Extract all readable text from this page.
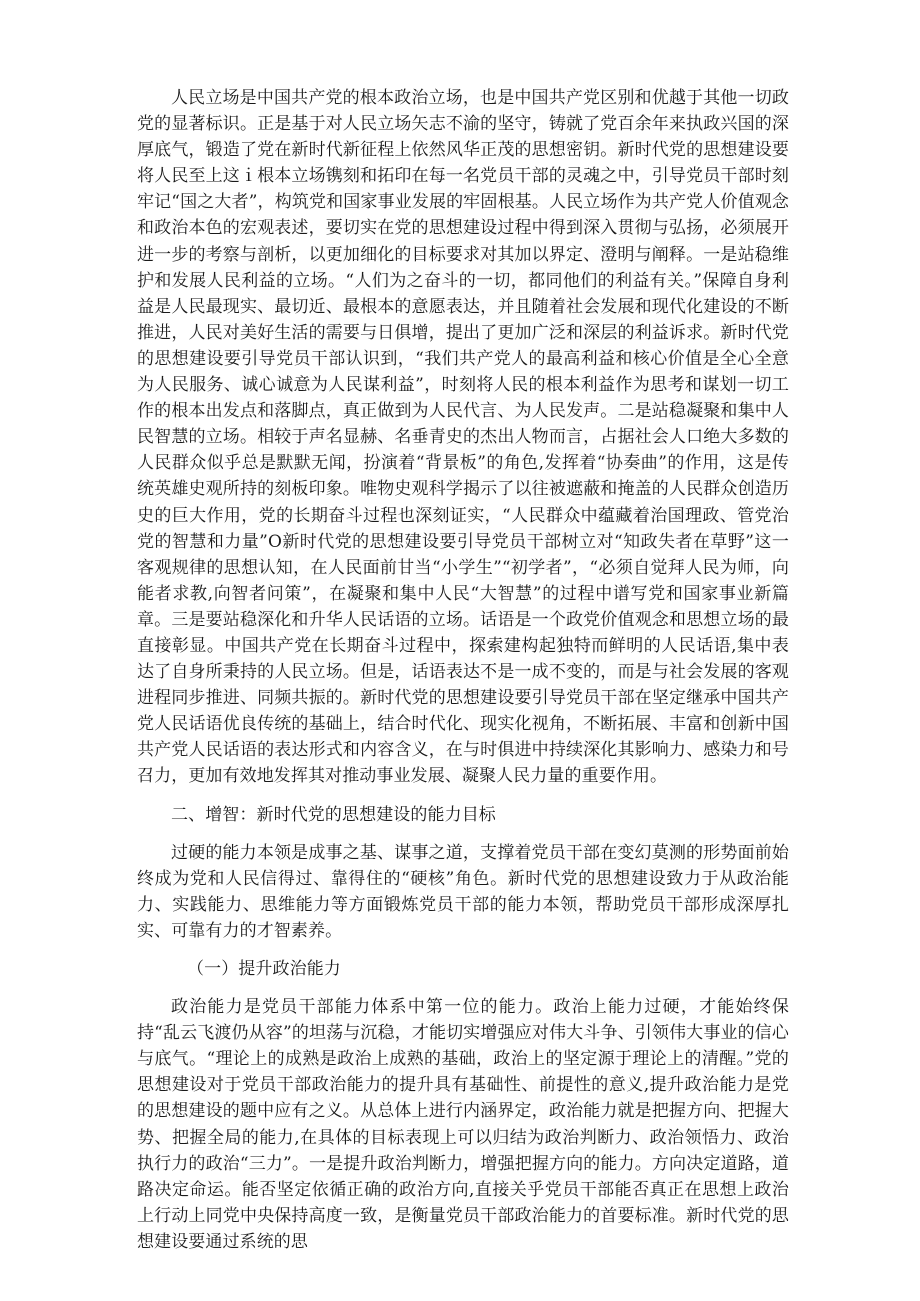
人民立场是中国共产党的根本政治立场，也是中国共产党区别和优越于其他一切政党的显著标识。正是基于对人民立场矢志不渝的坚守，铸就了党百余年来执政兴国的深厚底气，锻造了党在新时代新征程上依然风华正茂的思想密钥。新时代党的思想建设要将人民至上这ｉ根本立场镌刻和拓印在每一名党员干部的灵魂之中，引导党员干部时刻牢记“国之大者”，构筑党和国家事业发展的牢固根基。人民立场作为共产党人价值观念和政治本色的宏观表述，要切实在党的思想建设过程中得到深入贯彻与弘扬，必须展开进一步的考察与剖析，以更加细化的目标要求对其加以界定、澄明与阐释。一是站稳维护和发展人民利益的立场。“人们为之奋斗的一切，都同他们的利益有关。”保障自身利益是人民最现实、最切近、最根本的意愿表达，并且随着社会发展和现代化建设的不断推进，人民对美好生活的需要与日俱增，提出了更加广泛和深层的利益诉求。新时代党的思想建设要引导党员干部认识到，“我们共产党人的最高利益和核心价值是全心全意为人民服务、诚心诚意为人民谋利益”，时刻将人民的根本利益作为思考和谋划一切工作的根本出发点和落脚点，真正做到为人民代言、为人民发声。二是站稳凝聚和集中人民智慧的立场。相较于声名显赫、名垂青史的杰出人物而言，占据社会人口绝大多数的人民群众似乎总是默默无闻，扮演着“背景板”的角色,发挥着“协奏曲”的作用，这是传统英雄史观所持的刻板印象。唯物史观科学揭示了以往被遮蔽和掩盖的人民群众创造历史的巨大作用，党的长期奋斗过程也深刻证实，“人民群众中蕴藏着治国理政、管党治党的智慧和力量”O新时代党的思想建设要引导党员干部树立对“知政失者在草野”这一客观规律的思想认知，在人民面前甘当“小学生”“初学者”，“必须自觉拜人民为师，向能者求教,向智者问策”，在凝聚和集中人民“大智慧”的过程中谱写党和国家事业新篇章。三是要站稳深化和升华人民话语的立场。话语是一个政党价值观念和思想立场的最直接彰显。中国共产党在长期奋斗过程中，探索建构起独特而鲜明的人民话语,集中表达了自身所秉持的人民立场。但是，话语表达不是一成不变的，而是与社会发展的客观进程同步推进、同频共振的。新时代党的思想建设要引导党员干部在坚定继承中国共产党人民话语优良传统的基础上，结合时代化、现实化视角，不断拓展、丰富和创新中国共产党人民话语的表达形式和内容含义，在与时俱进中持续深化其影响力、感染力和号召力，更加有效地发挥其对推动事业发展、凝聚人民力量的重要作用。

二、增智：新时代党的思想建设的能力目标

过硬的能力本领是成事之基、谋事之道，支撑着党员干部在变幻莫测的形势面前始终成为党和人民信得过、靠得住的“硬核”角色。新时代党的思想建设致力于从政治能力、实践能力、思维能力等方面锻炼党员干部的能力本领，帮助党员干部形成深厚扎实、可靠有力的才智素养。

（一）提升政治能力

政治能力是党员干部能力体系中第一位的能力。政治上能力过硬，才能始终保持“乱云飞渡仍从容”的坦荡与沉稳，才能切实增强应对伟大斗争、引领伟大事业的信心与底气。“理论上的成熟是政治上成熟的基础，政治上的坚定源于理论上的清醒。”党的思想建设对于党员干部政治能力的提升具有基础性、前提性的意义,提升政治能力是党的思想建设的题中应有之义。从总体上进行内涵界定，政治能力就是把握方向、把握大势、把握全局的能力,在具体的目标表现上可以归结为政治判断力、政治领悟力、政治执行力的政治“三力”。一是提升政治判断力，增强把握方向的能力。方向决定道路，道路决定命运。能否坚定依循正确的政治方向,直接关乎党员干部能否真正在思想上政治上行动上同党中央保持高度一致，是衡量党员干部政治能力的首要标准。新时代党的思想建设要通过系统的思
